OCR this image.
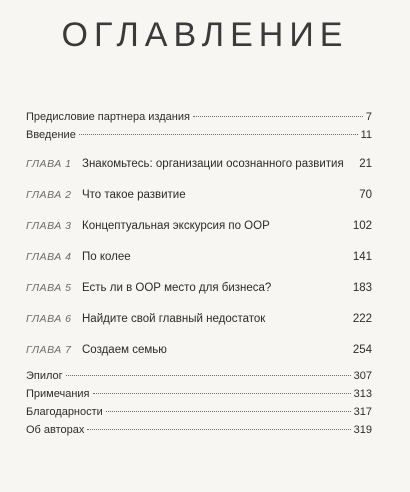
ОГЛАВЛЕНИЕ
Предисловие партнера издания	7
Введение	11
ГЛАВА 1 Знакомьтесь: организации осознанного развития	21
ГЛАВА 2 Что такое развитие	70
ГЛАВА 3 Концептуальная экскурсия по ООР	102
ГЛАВА 4 По колее	141
ГЛАВА 5 Есть ли в ООР место для бизнеса?	183
ГЛАВА 6 Найдите свой главный недостаток	222
ГЛАВА 7 Создаем семью	254
Эпилог	307
Примечания	313
Благодарности	317
Об авторах	319
